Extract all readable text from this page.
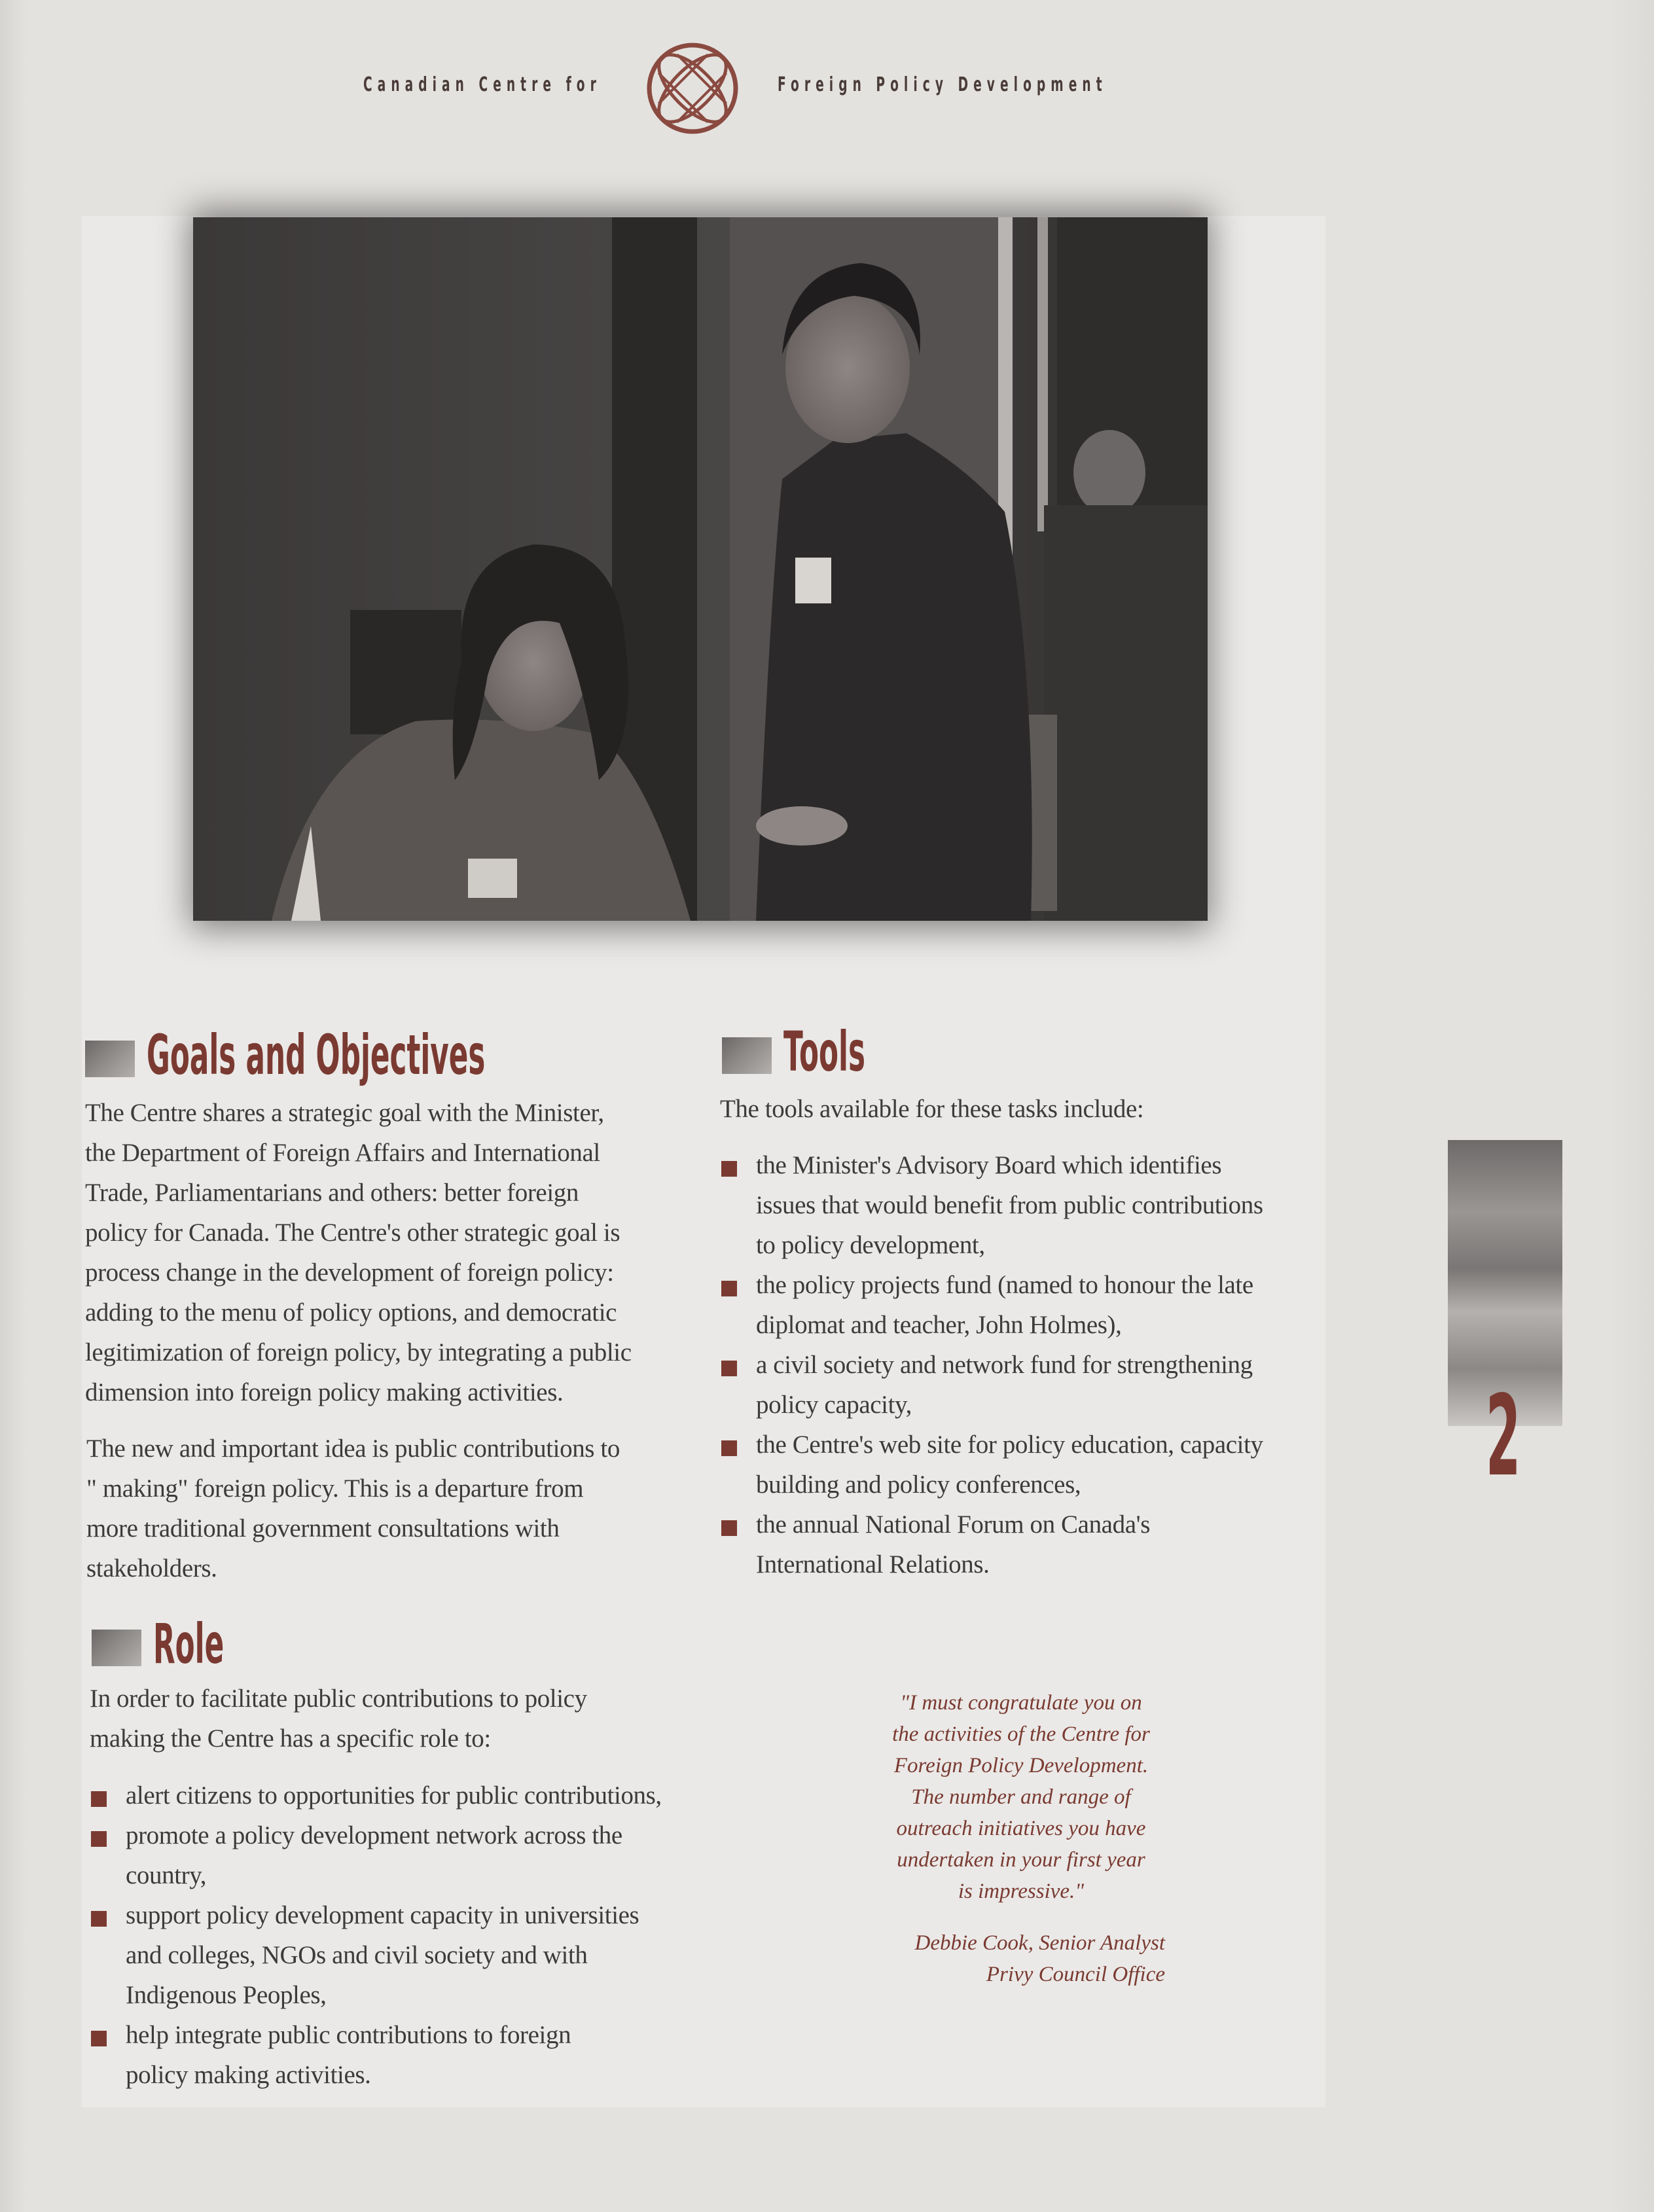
Canadian Centre for	Foreign Policy Development
Goals and Objectives
The Centre shares a strategic goal with the Minister,
the Department of Foreign Affairs and International
Trade, Parliamentarians and others: better foreign
policy for Canada. The Centre's other strategic goal is
process change in the development of foreign policy:
adding to the menu of policy options, and democratic
legitimization of foreign policy, by integrating a public
dimension into foreign policy making activities.
The new and important idea is public contributions to
" making" foreign policy. This is a departure from
more traditional government consultations with
stakeholders.
Role
In order to facilitate public contributions to policy
making the Centre has a specific role to:
alert citizens to opportunities for public contributions,
promote a policy development network across the
country,
support policy development capacity in universities
and colleges, NGOs and civil society and with
Indigenous Peoples,
help integrate public contributions to foreign
policy making activities.
Tools
The tools available for these tasks include:
the Minister's Advisory Board which identifies
issues that would benefit from public contributions
to policy development,
the policy projects fund (named to honour the late
diplomat and teacher, John Holmes),
a civil society and network fund for strengthening
policy capacity,
the Centre's web site for policy education, capacity
building and policy conferences,
the annual National Forum on Canada's
International Relations.
"I must congratulate you on
the activities of the Centre for
Foreign Policy Development.
The number and range of
outreach initiatives you have
undertaken in your first year
is impressive."
Debbie Cook, Senior Analyst
Privy Council Office
2
